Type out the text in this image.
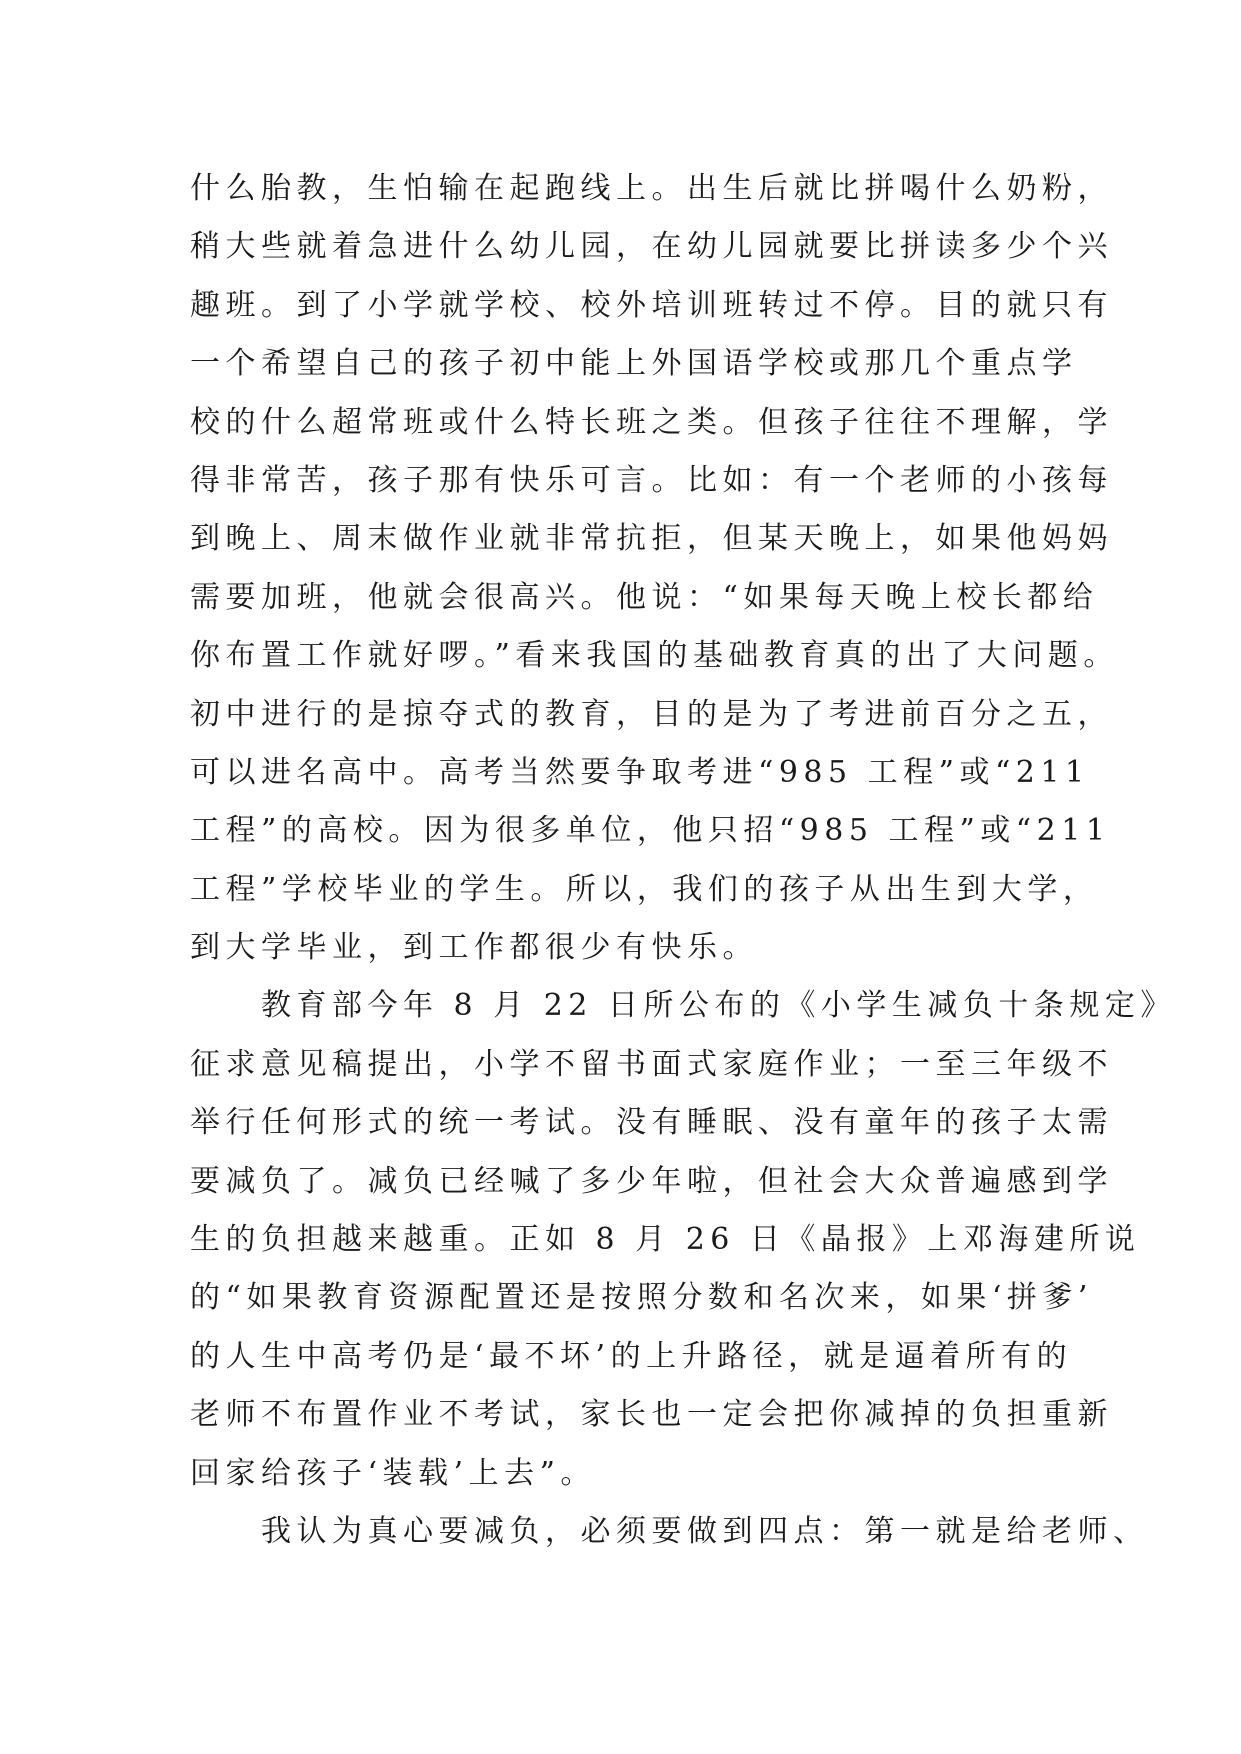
什么胎教，生怕输在起跑线上。出生后就比拼喝什么奶粉，
稍大些就着急进什么幼儿园，在幼儿园就要比拼读多少个兴
趣班。到了小学就学校、校外培训班转过不停。目的就只有
一个希望自己的孩子初中能上外国语学校或那几个重点学
校的什么超常班或什么特长班之类。但孩子往往不理解，学
得非常苦，孩子那有快乐可言。比如：有一个老师的小孩每
到晚上、周末做作业就非常抗拒，但某天晚上，如果他妈妈
需要加班，他就会很高兴。他说：“如果每天晚上校长都给
你布置工作就好啰。”看来我国的基础教育真的出了大问题。
初中进行的是掠夺式的教育，目的是为了考进前百分之五，
可以进名高中。高考当然要争取考进“985 工程”或“211
工程”的高校。因为很多单位，他只招“985 工程”或“211
工程”学校毕业的学生。所以，我们的孩子从出生到大学，
到大学毕业，到工作都很少有快乐。
　　教育部今年 8 月 22 日所公布的《小学生减负十条规定》
征求意见稿提出，小学不留书面式家庭作业；一至三年级不
举行任何形式的统一考试。没有睡眠、没有童年的孩子太需
要减负了。减负已经喊了多少年啦，但社会大众普遍感到学
生的负担越来越重。正如 8 月 26 日《晶报》上邓海建所说
的“如果教育资源配置还是按照分数和名次来，如果‘拼爹’
的人生中高考仍是‘最不坏’的上升路径，就是逼着所有的
老师不布置作业不考试，家长也一定会把你减掉的负担重新
回家给孩子‘装载’上去”。
　　我认为真心要减负，必须要做到四点：第一就是给老师、
